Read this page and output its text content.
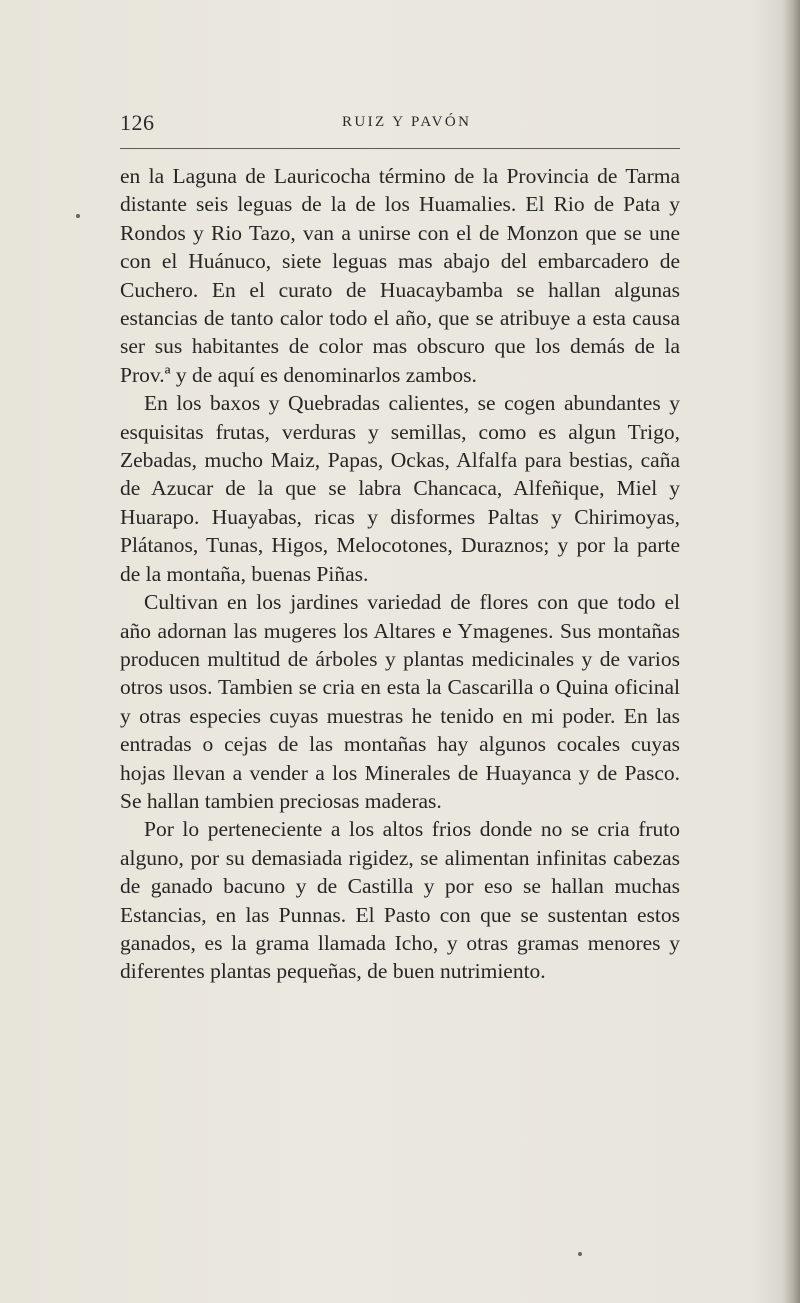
126	RUIZ Y PAVÓN

en la Laguna de Lauricocha término de la Provincia de Tarma distante seis leguas de la de los Huamalies. El Rio de Pata y Rondos y Rio Tazo, van a unirse con el de Monzon que se une con el Huánuco, siete leguas mas abajo del embarcadero de Cuchero. En el curato de Huacaybamba se hallan algunas estancias de tanto calor todo el año, que se atribuye a esta causa ser sus habitantes de color mas obscuro que los demás de la Prov.ª y de aquí es denominarlos zambos.

En los baxos y Quebradas calientes, se cogen abundantes y esquisitas frutas, verduras y semillas, como es algun Trigo, Zebadas, mucho Maiz, Papas, Ockas, Alfalfa para bestias, caña de Azucar de la que se labra Chancaca, Alfeñique, Miel y Huarapo. Huayabas, ricas y disformes Paltas y Chirimoyas, Plátanos, Tunas, Higos, Melocotones, Duraznos; y por la parte de la montaña, buenas Piñas.

Cultivan en los jardines variedad de flores con que todo el año adornan las mugeres los Altares e Ymagenes. Sus montañas producen multitud de árboles y plantas medicinales y de varios otros usos. Tambien se cria en esta la Cascarilla o Quina oficinal y otras especies cuyas muestras he tenido en mi poder. En las entradas o cejas de las montañas hay algunos cocales cuyas hojas llevan a vender a los Minerales de Huayanca y de Pasco. Se hallan tambien preciosas maderas.

Por lo perteneciente a los altos frios donde no se cria fruto alguno, por su demasiada rigidez, se alimentan infinitas cabezas de ganado bacuno y de Castilla y por eso se hallan muchas Estancias, en las Punnas. El Pasto con que se sustentan estos ganados, es la grama llamada Icho, y otras gramas menores y diferentes plantas pequeñas, de buen nutrimiento.
